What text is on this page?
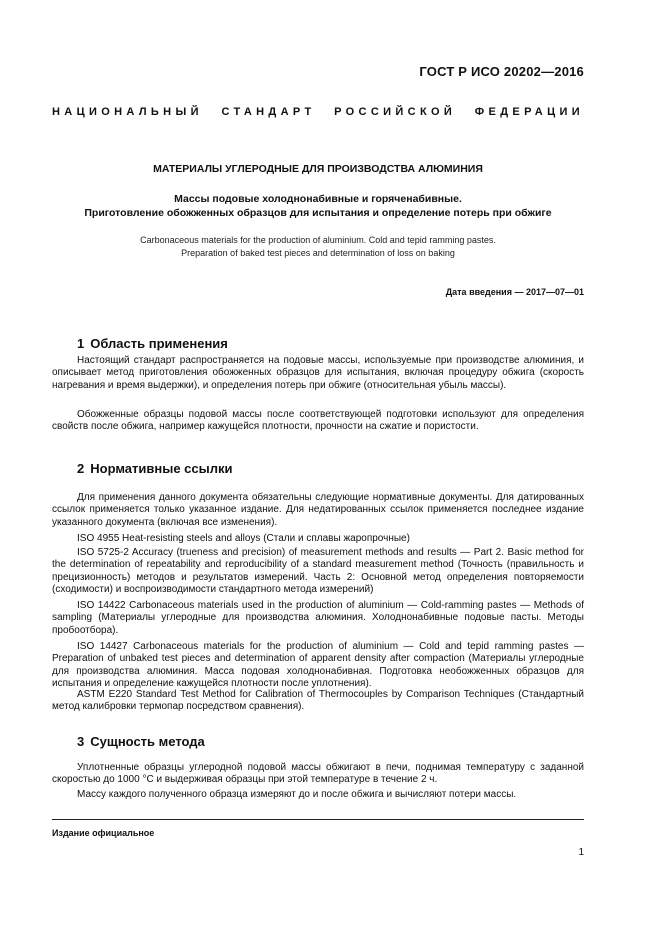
ГОСТ Р ИСО 20202—2016
НАЦИОНАЛЬНЫЙ СТАНДАРТ РОССИЙСКОЙ ФЕДЕРАЦИИ
МАТЕРИАЛЫ УГЛЕРОДНЫЕ ДЛЯ ПРОИЗВОДСТВА АЛЮМИНИЯ
Массы подовые холоднонабивные и горяченабивные.
Приготовление обожженных образцов для испытания и определение потерь при обжиге
Carbonaceous materials for the production of aluminium. Cold and tepid ramming pastes.
Preparation of baked test pieces and determination of loss on baking
Дата введения — 2017—07—01
1 Область применения
Настоящий стандарт распространяется на подовые массы, используемые при производстве алюминия, и описывает метод приготовления обожженных образцов для испытания, включая процедуру обжига (скорость нагревания и время выдержки), и определения потерь при обжиге (относительная убыль массы).
Обожженные образцы подовой массы после соответствующей подготовки используют для определения свойств после обжига, например кажущейся плотности, прочности на сжатие и пористости.
2 Нормативные ссылки
Для применения данного документа обязательны следующие нормативные документы. Для датированных ссылок применяется только указанное издание. Для недатированных ссылок применяется последнее издание указанного документа (включая все изменения).
ISO 4955 Heat-resisting steels and alloys (Стали и сплавы жаропрочные)
ISO 5725-2 Accuracy (trueness and precision) of measurement methods and results — Part 2. Basic method for the determination of repeatability and reproducibility of a standard measurement method (Точность (правильность и прецизионность) методов и результатов измерений. Часть 2: Основной метод определения повторяемости (сходимости) и воспроизводимости стандартного метода измерений)
ISO 14422 Carbonaceous materials used in the production of aluminium — Cold-ramming pastes — Methods of sampling (Материалы углеродные для производства алюминия. Холоднонабивные подовые пасты. Методы пробоотбора).
ISO 14427 Carbonaceous materials for the production of aluminium — Cold and tepid ramming pastes — Preparation of unbaked test pieces and determination of apparent density after compaction (Материалы углеродные для производства алюминия. Масса подовая холоднонабивная. Подготовка необожженных образцов для испытания и определение кажущейся плотности после уплотнения).
ASTM E220 Standard Test Method for Calibration of Thermocouples by Comparison Techniques (Стандартный метод калибровки термопар посредством сравнения).
3 Сущность метода
Уплотненные образцы углеродной подовой массы обжигают в печи, поднимая температуру с заданной скоростью до 1000 °С и выдерживая образцы при этой температуре в течение 2 ч.
Массу каждого полученного образца измеряют до и после обжига и вычисляют потери массы.
Издание официальное
1
